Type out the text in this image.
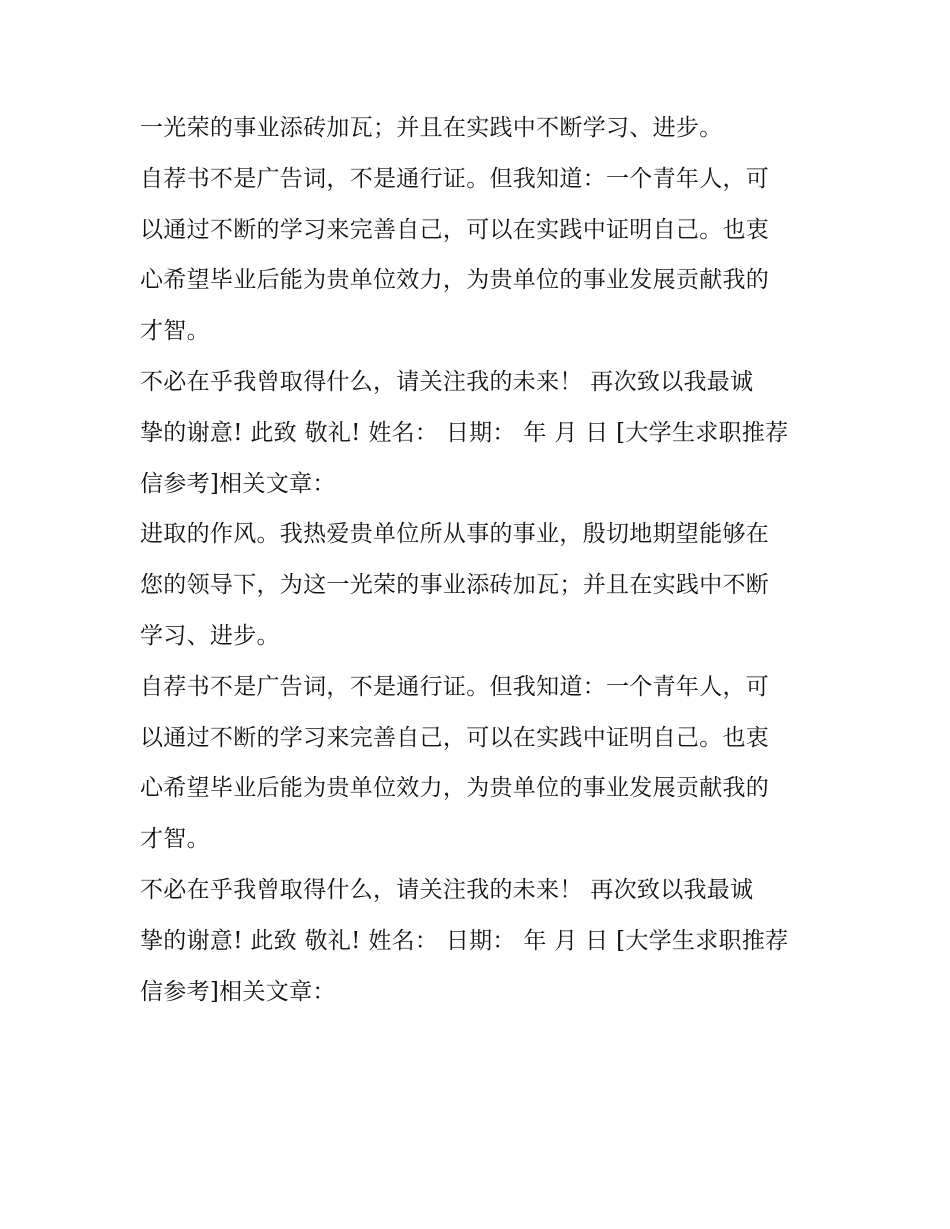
一光荣的事业添砖加瓦；并且在实践中不断学习、进步。
自荐书不是广告词，不是通行证。但我知道：一个青年人，可
以通过不断的学习来完善自己，可以在实践中证明自己。也衷
心希望毕业后能为贵单位效力，为贵单位的事业发展贡献我的
才智。
不必在乎我曾取得什么，请关注我的未来！ 再次致以我最诚
挚的谢意! 此致 敬礼! 姓名： 日期： 年 月 日 [大学生求职推荐
信参考]相关文章：
进取的作风。我热爱贵单位所从事的事业，殷切地期望能够在
您的领导下，为这一光荣的事业添砖加瓦；并且在实践中不断
学习、进步。
自荐书不是广告词，不是通行证。但我知道：一个青年人，可
以通过不断的学习来完善自己，可以在实践中证明自己。也衷
心希望毕业后能为贵单位效力，为贵单位的事业发展贡献我的
才智。
不必在乎我曾取得什么，请关注我的未来！ 再次致以我最诚
挚的谢意! 此致 敬礼! 姓名： 日期： 年 月 日 [大学生求职推荐
信参考]相关文章：
